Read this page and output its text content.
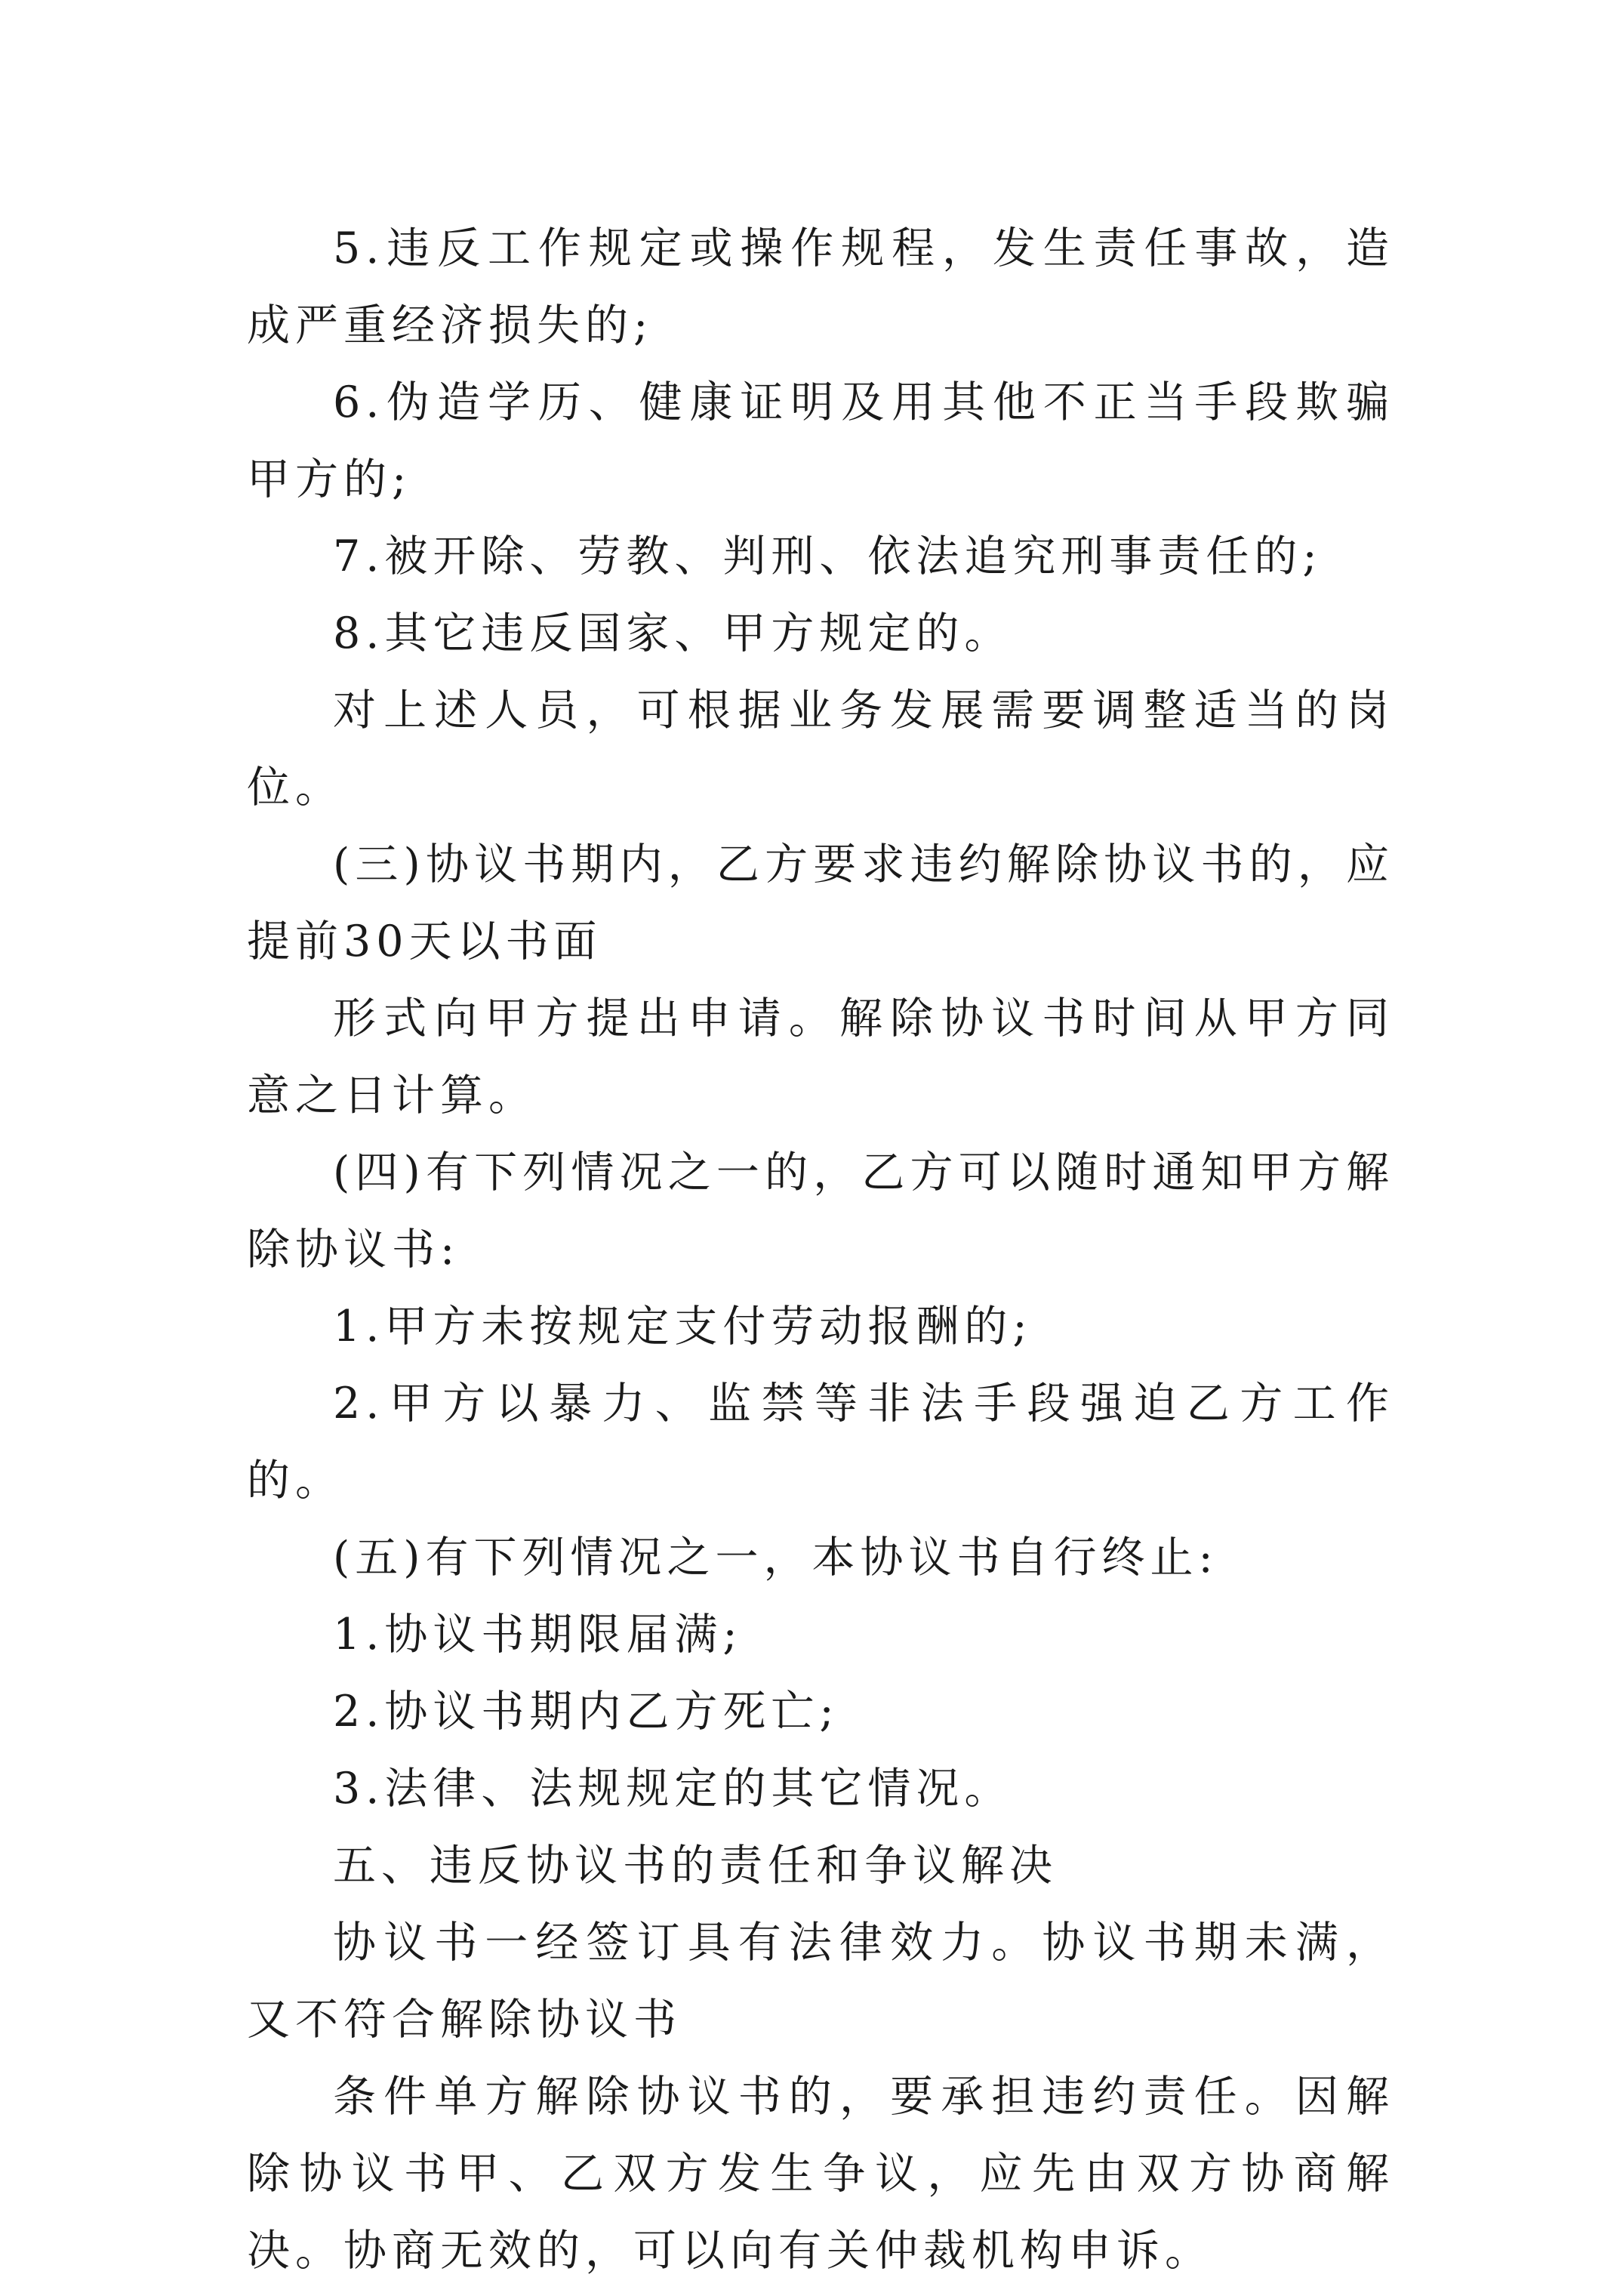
5.违反工作规定或操作规程，发生责任事故，造成严重经济损失的;

6.伪造学历、健康证明及用其他不正当手段欺骗甲方的;

7.被开除、劳教、判刑、依法追究刑事责任的;

8.其它违反国家、甲方规定的。

对上述人员，可根据业务发展需要调整适当的岗位。

(三)协议书期内，乙方要求违约解除协议书的，应提前30天以书面

形式向甲方提出申请。解除协议书时间从甲方同意之日计算。

(四)有下列情况之一的，乙方可以随时通知甲方解除协议书:

1.甲方未按规定支付劳动报酬的;

2.甲方以暴力、监禁等非法手段强迫乙方工作的。

(五)有下列情况之一，本协议书自行终止:

1.协议书期限届满;

2.协议书期内乙方死亡;

3.法律、法规规定的其它情况。

五、违反协议书的责任和争议解决

协议书一经签订具有法律效力。协议书期未满，又不符合解除协议书

条件单方解除协议书的，要承担违约责任。因解除协议书甲、乙双方发生争议，应先由双方协商解决。协商无效的，可以向有关仲裁机构申诉。
